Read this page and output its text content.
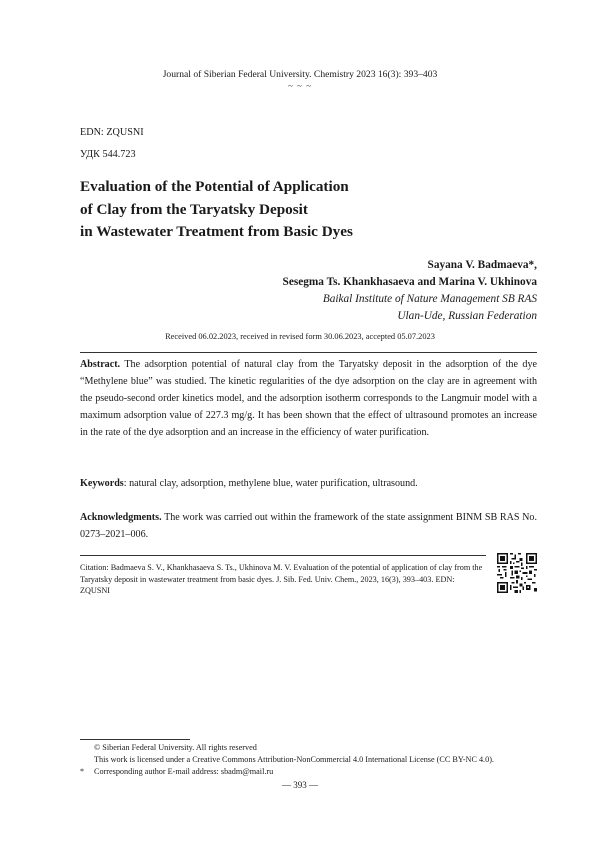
Journal of Siberian Federal University. Chemistry 2023 16(3): 393–403
~ ~ ~
EDN: ZQUSNI
УДК 544.723
Evaluation of the Potential of Application
of Clay from the Taryatsky Deposit
in Wastewater Treatment from Basic Dyes
Sayana V. Badmaeva*,
Sesegma Ts. Khankhasaeva and Marina V. Ukhinova
Baikal Institute of Nature Management SB RAS
Ulan-Ude, Russian Federation
Received 06.02.2023, received in revised form 30.06.2023, accepted 05.07.2023
Abstract. The adsorption potential of natural clay from the Taryatsky deposit in the adsorption of the dye “Methylene blue” was studied. The kinetic regularities of the dye adsorption on the clay are in agreement with the pseudo-second order kinetics model, and the adsorption isotherm corresponds to the Langmuir model with a maximum adsorption value of 227.3 mg/g. It has been shown that the effect of ultrasound promotes an increase in the rate of the dye adsorption and an increase in the efficiency of water purification.
Keywords: natural clay, adsorption, methylene blue, water purification, ultrasound.
Acknowledgments. The work was carried out within the framework of the state assignment BINM SB RAS No. 0273–2021–006.
Citation: Badmaeva S. V., Khankhasaeva S. Ts., Ukhinova M. V. Evaluation of the potential of application of clay from the Taryatsky deposit in wastewater treatment from basic dyes. J. Sib. Fed. Univ. Chem., 2023, 16(3), 393–403. EDN: ZQUSNI
© Siberian Federal University. All rights reserved
This work is licensed under a Creative Commons Attribution-NonCommercial 4.0 International License (CC BY-NC 4.0).
* Corresponding author E-mail address: sbadm@mail.ru
― 393 ―
